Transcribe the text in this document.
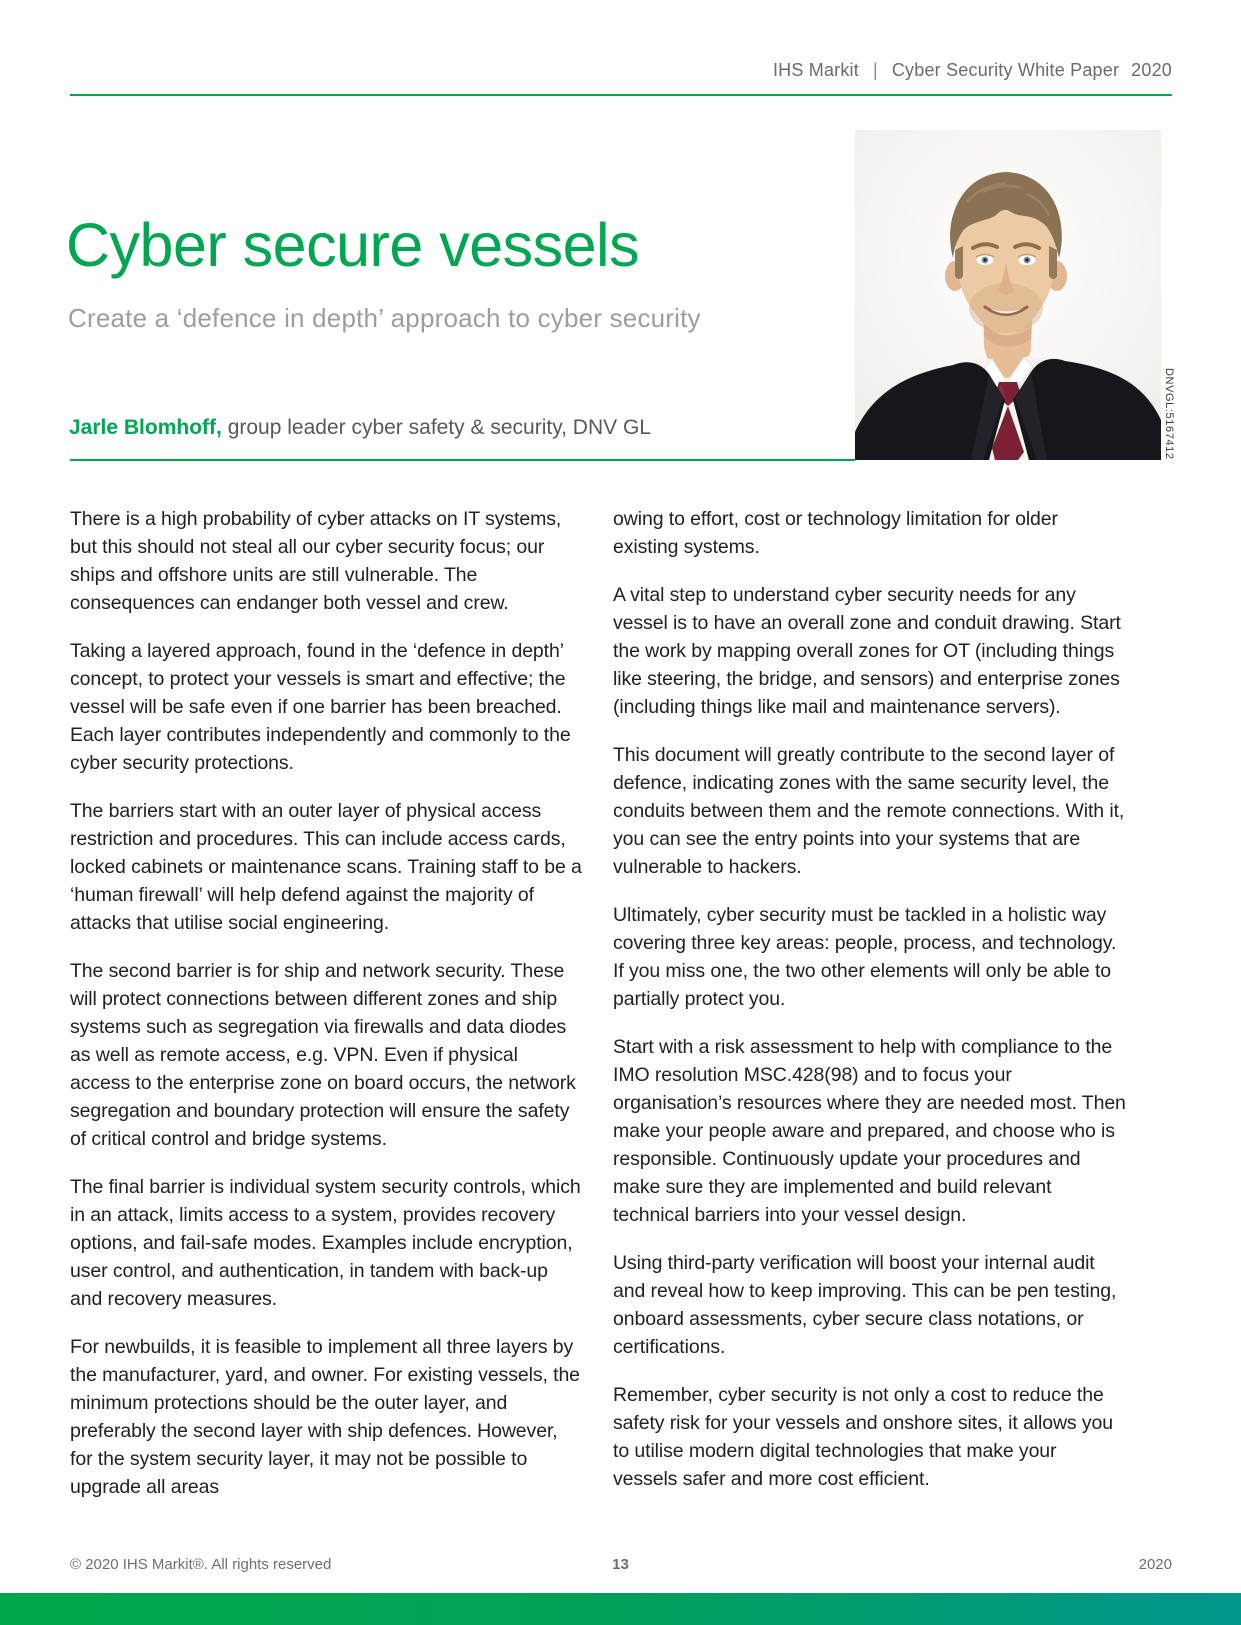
IHS Markit | Cyber Security White Paper 2020
Cyber secure vessels
Create a ‘defence in depth’ approach to cyber security
Jarle Blomhoff, group leader cyber safety & security, DNV GL	DNVGL:5167412

There is a high probability of cyber attacks on IT systems, but this should not steal all our cyber security focus; our ships and offshore units are still vulnerable. The consequences can endanger both vessel and crew.

Taking a layered approach, found in the ‘defence in depth’ concept, to protect your vessels is smart and effective; the vessel will be safe even if one barrier has been breached. Each layer contributes independently and commonly to the cyber security protections.

The barriers start with an outer layer of physical access restriction and procedures. This can include access cards, locked cabinets or maintenance scans. Training staff to be a ‘human firewall’ will help defend against the majority of attacks that utilise social engineering.

The second barrier is for ship and network security. These will protect connections between different zones and ship systems such as segregation via firewalls and data diodes as well as remote access, e.g. VPN. Even if physical access to the enterprise zone on board occurs, the network segregation and boundary protection will ensure the safety of critical control and bridge systems.

The final barrier is individual system security controls, which in an attack, limits access to a system, provides recovery options, and fail-safe modes. Examples include encryption, user control, and authentication, in tandem with back-up and recovery measures.

For newbuilds, it is feasible to implement all three layers by the manufacturer, yard, and owner. For existing vessels, the minimum protections should be the outer layer, and preferably the second layer with ship defences. However, for the system security layer, it may not be possible to upgrade all areas

owing to effort, cost or technology limitation for older existing systems.

A vital step to understand cyber security needs for any vessel is to have an overall zone and conduit drawing. Start the work by mapping overall zones for OT (including things like steering, the bridge, and sensors) and enterprise zones (including things like mail and maintenance servers).

This document will greatly contribute to the second layer of defence, indicating zones with the same security level, the conduits between them and the remote connections. With it, you can see the entry points into your systems that are vulnerable to hackers.

Ultimately, cyber security must be tackled in a holistic way covering three key areas: people, process, and technology. If you miss one, the two other elements will only be able to partially protect you.

Start with a risk assessment to help with compliance to the IMO resolution MSC.428(98) and to focus your organisation’s resources where they are needed most. Then make your people aware and prepared, and choose who is responsible. Continuously update your procedures and make sure they are implemented and build relevant technical barriers into your vessel design.

Using third-party verification will boost your internal audit and reveal how to keep improving. This can be pen testing, onboard assessments, cyber secure class notations, or certifications.

Remember, cyber security is not only a cost to reduce the safety risk for your vessels and onshore sites, it allows you to utilise modern digital technologies that make your vessels safer and more cost efficient.

© 2020 IHS Markit®. All rights reserved	13	2020
